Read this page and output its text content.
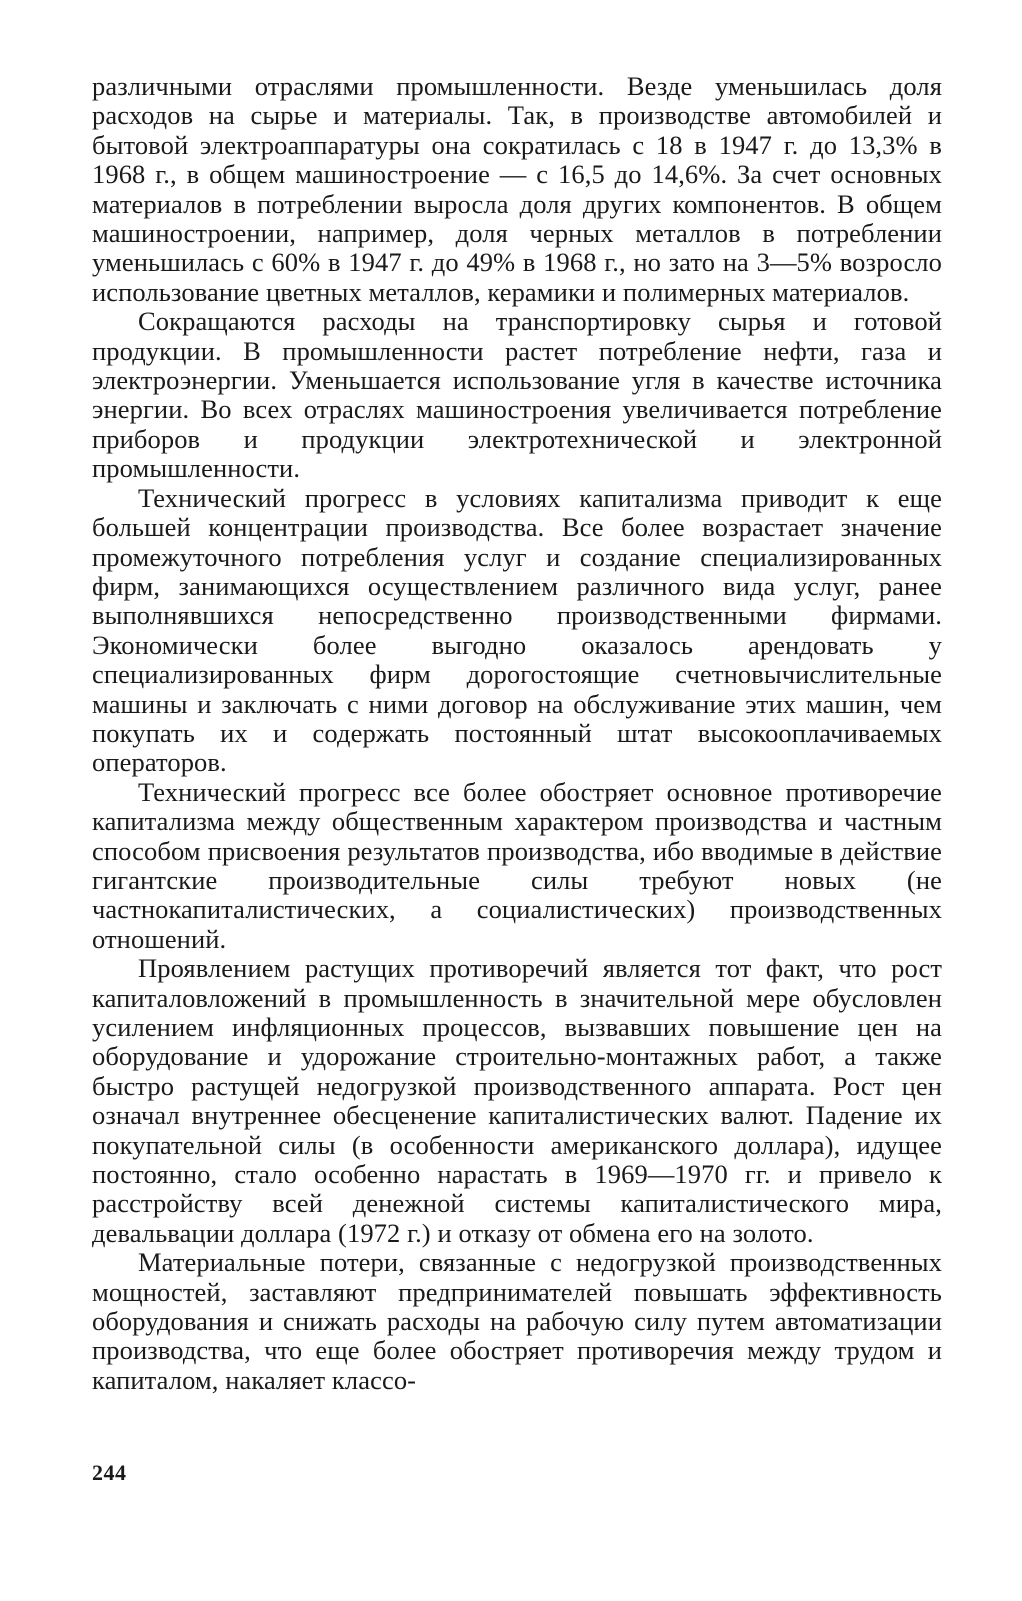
различными отраслями промышленности. Везде уменьшилась доля расходов на сырье и материалы. Так, в производстве автомобилей и бытовой электроаппаратуры она сократилась с 18 в 1947 г. до 13,3% в 1968 г., в общем машиностроение — с 16,5 до 14,6%. За счет основных материалов в потреблении выросла доля других компонентов. В общем машиностроении, например, доля черных металлов в потреблении уменьшилась с 60% в 1947 г. до 49% в 1968 г., но зато на 3—5% возросло использование цветных металлов, керамики и полимерных материалов.

Сокращаются расходы на транспортировку сырья и готовой продукции. В промышленности растет потребление нефти, газа и электроэнергии. Уменьшается использование угля в качестве источника энергии. Во всех отраслях машиностроения увеличивается потребление приборов и продукции электротехнической и электронной промышленности.

Технический прогресс в условиях капитализма приводит к еще большей концентрации производства. Все более возрастает значение промежуточного потребления услуг и создание специализированных фирм, занимающихся осуществлением различного вида услуг, ранее выполнявшихся непосредственно производственными фирмами. Экономически более выгодно оказалось арендовать у специализированных фирм дорогостоящие счетновычислительные машины и заключать с ними договор на обслуживание этих машин, чем покупать их и содержать постоянный штат высокооплачиваемых операторов.

Технический прогресс все более обостряет основное противоречие капитализма между общественным характером производства и частным способом присвоения результатов производства, ибо вводимые в действие гигантские производительные силы требуют новых (не частнокапиталистических, а социалистических) производственных отношений.

Проявлением растущих противоречий является тот факт, что рост капиталовложений в промышленность в значительной мере обусловлен усилением инфляционных процессов, вызвавших повышение цен на оборудование и удорожание строительно-монтажных работ, а также быстро растущей недогрузкой производственного аппарата. Рост цен означал внутреннее обесценение капиталистических валют. Падение их покупательной силы (в особенности американского доллара), идущее постоянно, стало особенно нарастать в 1969—1970 гг. и привело к расстройству всей денежной системы капиталистического мира, девальвации доллара (1972 г.) и отказу от обмена его на золото.

Материальные потери, связанные с недогрузкой производственных мощностей, заставляют предпринимателей повышать эффективность оборудования и снижать расходы на рабочую силу путем автоматизации производства, что еще более обостряет противоречия между трудом и капиталом, накаляет классо-

244
